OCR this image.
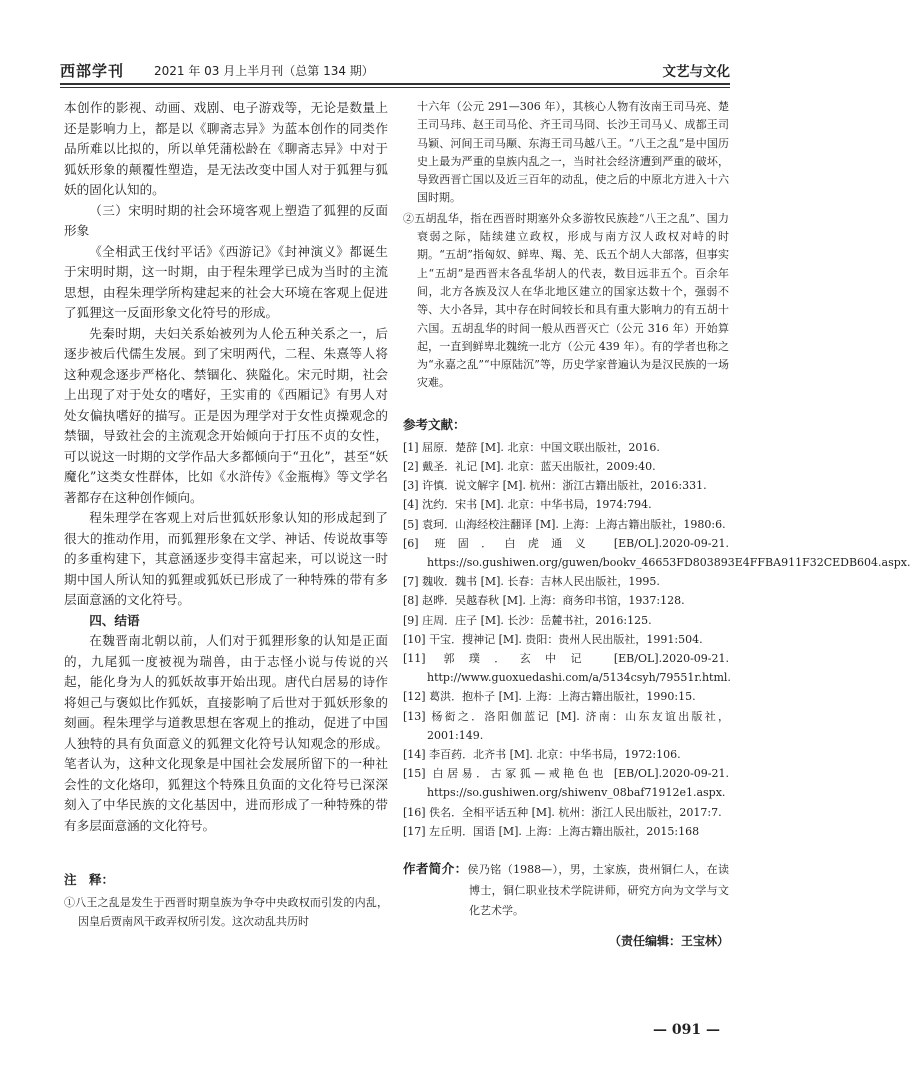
西部学刊 2021 年 03 月上半月刊（总第 134 期）	文艺与文化

本创作的影视、动画、戏剧、电子游戏等，无论是数量上还是影响力上，都是以《聊斋志异》为蓝本创作的同类作品所难以比拟的，所以单凭蒲松龄在《聊斋志异》中对于狐妖形象的颠覆性塑造，是无法改变中国人对于狐狸与狐妖的固化认知的。

（三）宋明时期的社会环境客观上塑造了狐狸的反面形象

《全相武王伐纣平话》《西游记》《封神演义》都诞生于宋明时期，这一时期，由于程朱理学已成为当时的主流思想，由程朱理学所构建起来的社会大环境在客观上促进了狐狸这一反面形象文化符号的形成。

先秦时期，夫妇关系始被列为人伦五种关系之一，后逐步被后代儒生发展。到了宋明两代，二程、朱熹等人将这种观念逐步严格化、禁锢化、狭隘化。宋元时期，社会上出现了对于处女的嗜好，王实甫的《西厢记》有男人对处女偏执嗜好的描写。正是因为理学对于女性贞操观念的禁锢，导致社会的主流观念开始倾向于打压不贞的女性，可以说这一时期的文学作品大多都倾向于“丑化”，甚至“妖魔化”这类女性群体，比如《水浒传》《金瓶梅》等文学名著都存在这种创作倾向。

程朱理学在客观上对后世狐妖形象认知的形成起到了很大的推动作用，而狐狸形象在文学、神话、传说故事等的多重构建下，其意涵逐步变得丰富起来，可以说这一时期中国人所认知的狐狸或狐妖已形成了一种特殊的带有多层面意涵的文化符号。

四、结语

在魏晋南北朝以前，人们对于狐狸形象的认知是正面的，九尾狐一度被视为瑞兽，由于志怪小说与传说的兴起，能化身为人的狐妖故事开始出现。唐代白居易的诗作将妲己与褒姒比作狐妖，直接影响了后世对于狐妖形象的刻画。程朱理学与道教思想在客观上的推动，促进了中国人独特的具有负面意义的狐狸文化符号认知观念的形成。笔者认为，这种文化现象是中国社会发展所留下的一种社会性的文化烙印，狐狸这个特殊且负面的文化符号已深深刻入了中华民族的文化基因中，进而形成了一种特殊的带有多层面意涵的文化符号。

注　释：

①八王之乱是发生于西晋时期皇族为争夺中央政权而引发的内乱，因皇后贾南风干政弄权所引发。这次动乱共历时

十六年（公元 291—306 年），其核心人物有汝南王司马亮、楚王司马玮、赵王司马伦、齐王司马冏、长沙王司马乂、成都王司马颖、河间王司马颙、东海王司马越八王。“八王之乱”是中国历史上最为严重的皇族内乱之一，当时社会经济遭到严重的破坏，导致西晋亡国以及近三百年的动乱，使之后的中原北方进入十六国时期。

②五胡乱华，指在西晋时期塞外众多游牧民族趁“八王之乱”、国力衰弱之际，陆续建立政权，形成与南方汉人政权对峙的时期。“五胡”指匈奴、鲜卑、羯、羌、氐五个胡人大部落，但事实上“五胡”是西晋末各乱华胡人的代表，数目远非五个。百余年间，北方各族及汉人在华北地区建立的国家达数十个，强弱不等、大小各异，其中存在时间较长和具有重大影响力的有五胡十六国。五胡乱华的时间一般从西晋灭亡（公元 316 年）开始算起，一直到鲜卑北魏统一北方（公元 439 年）。有的学者也称之为“永嘉之乱”“中原陆沉”等，历史学家普遍认为是汉民族的一场灾难。

参考文献：

[1] 屈原．楚辞 [M]. 北京：中国文联出版社，2016.

[2] 戴圣．礼记 [M]. 北京：蓝天出版社，2009:40.

[3] 许慎．说文解字 [M]. 杭州：浙江古籍出版社，2016:331.

[4] 沈约．宋书 [M]. 北京：中华书局，1974:794.

[5] 袁珂．山海经校注翻译 [M]. 上海：上海古籍出版社，1980:6.

[6] 班固．白虎通义 [EB/OL].2020-09-21. https://so.gushiwen.org/guwen/bookv_46653FD803893E4FFBA911F32CEDB604.aspx.

[7] 魏收．魏书 [M]. 长春：吉林人民出版社，1995.

[8] 赵晔．吴越春秋 [M]. 上海：商务印书馆，1937:128.

[9] 庄周．庄子 [M]. 长沙：岳麓书社，2016:125.

[10] 干宝．搜神记 [M]. 贵阳：贵州人民出版社，1991:504.

[11] 郭璞．玄中记 [EB/OL].2020-09-21. http://www.guoxuedashi.com/a/5134csyh/79551r.html.

[12] 葛洪．抱朴子 [M]. 上海：上海古籍出版社，1990:15.

[13] 杨衒之．洛阳伽蓝记 [M]. 济南：山东友谊出版社，2001:149.

[14] 李百药．北齐书 [M]. 北京：中华书局，1972:106.

[15] 白居易．古冢狐—戒艳色也 [EB/OL].2020-09-21. https://so.gushiwen.org/shiwenv_08baf71912e1.aspx.

[16] 佚名．全相平话五种 [M]. 杭州：浙江人民出版社，2017:7.

[17] 左丘明．国语 [M]. 上海：上海古籍出版社，2015:168

作者简介：侯乃铭（1988—），男，土家族，贵州铜仁人，在读博士，铜仁职业技术学院讲师，研究方向为文学与文化艺术学。

（责任编辑：王宝林）
— 091 —
